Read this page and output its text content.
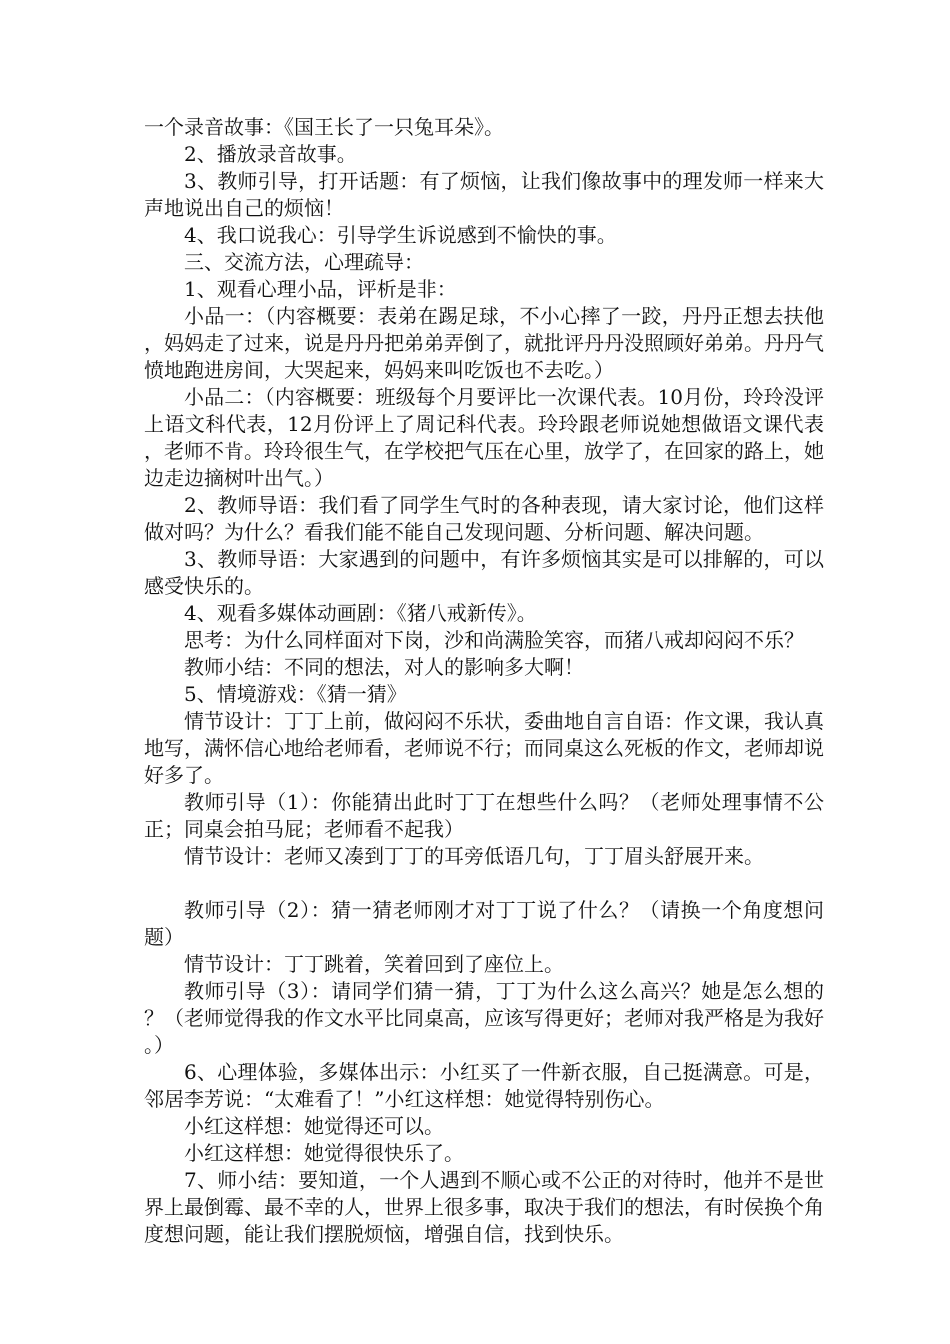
一个录音故事：《国王长了一只兔耳朵》。

2、播放录音故事。

3、教师引导，打开话题：有了烦恼，让我们像故事中的理发师一样来大声地说出自己的烦恼！

4、我口说我心：引导学生诉说感到不愉快的事。

三、交流方法，心理疏导：

1、观看心理小品，评析是非：

小品一：（内容概要：表弟在踢足球，不小心摔了一跤，丹丹正想去扶他，妈妈走了过来，说是丹丹把弟弟弄倒了，就批评丹丹没照顾好弟弟。丹丹气愤地跑进房间，大哭起来，妈妈来叫吃饭也不去吃。）

小品二：（内容概要：班级每个月要评比一次课代表。10月份，玲玲没评上语文科代表，12月份评上了周记科代表。玲玲跟老师说她想做语文课代表，老师不肯。玲玲很生气，在学校把气压在心里，放学了，在回家的路上，她边走边摘树叶出气。）

2、教师导语：我们看了同学生气时的各种表现，请大家讨论，他们这样做对吗？为什么？看我们能不能自己发现问题、分析问题、解决问题。

3、教师导语：大家遇到的问题中，有许多烦恼其实是可以排解的，可以感受快乐的。

4、观看多媒体动画剧：《猪八戒新传》。

思考：为什么同样面对下岗，沙和尚满脸笑容，而猪八戒却闷闷不乐？

教师小结：不同的想法，对人的影响多大啊！

5、情境游戏：《猜一猜》

情节设计：丁丁上前，做闷闷不乐状，委曲地自言自语：作文课，我认真地写，满怀信心地给老师看，老师说不行；而同桌这么死板的作文，老师却说好多了。

教师引导（1）：你能猜出此时丁丁在想些什么吗？（老师处理事情不公正；同桌会拍马屁；老师看不起我）

情节设计：老师又凑到丁丁的耳旁低语几句，丁丁眉头舒展开来。

教师引导（2）：猜一猜老师刚才对丁丁说了什么？（请换一个角度想问题）

情节设计：丁丁跳着，笑着回到了座位上。

教师引导（3）：请同学们猜一猜，丁丁为什么这么高兴？她是怎么想的？（老师觉得我的作文水平比同桌高，应该写得更好；老师对我严格是为我好。）

6、心理体验，多媒体出示：小红买了一件新衣服，自己挺满意。可是，邻居李芳说：“太难看了！”小红这样想：她觉得特别伤心。

小红这样想：她觉得还可以。

小红这样想：她觉得很快乐了。

7、师小结：要知道，一个人遇到不顺心或不公正的对待时，他并不是世界上最倒霉、最不幸的人，世界上很多事，取决于我们的想法，有时侯换个角度想问题，能让我们摆脱烦恼，增强自信，找到快乐。
